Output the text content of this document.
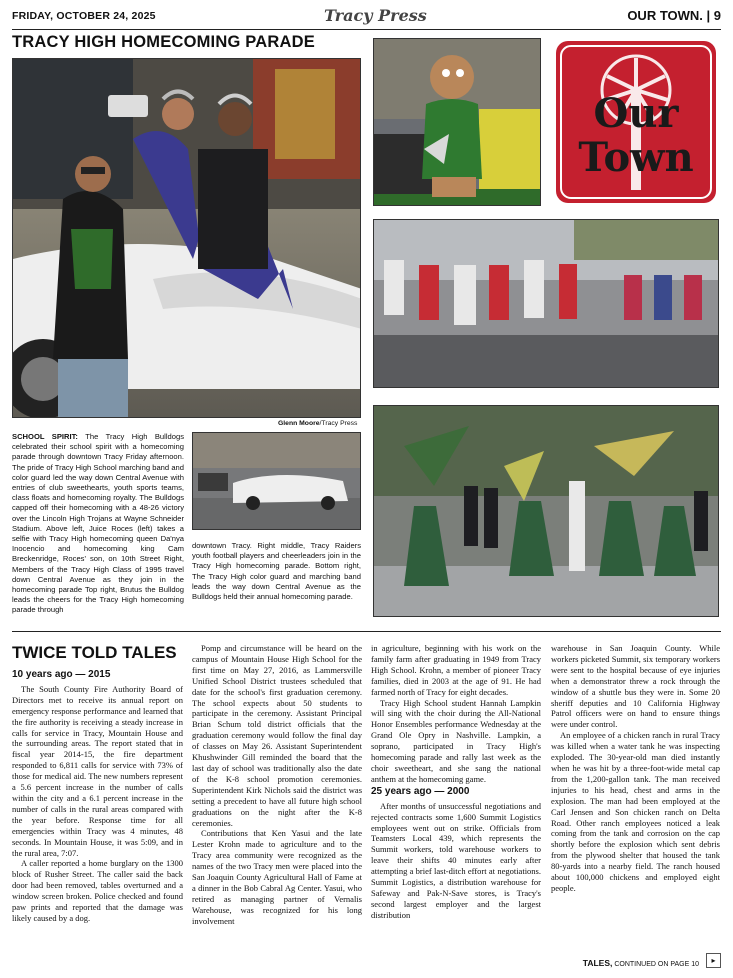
FRIDAY, OCTOBER 24, 2025	Tracy Press	OUR TOWN. | 9
TRACY HIGH HOMECOMING PARADE
Our
Town
Glenn Moore/Tracy Press
SCHOOL SPIRIT: The Tracy High Bulldogs celebrated their school spirit with a homecoming parade through downtown Tracy Friday afternoon. The pride of Tracy High School marching band and color guard led the way down Central Avenue with entries of club sweethearts, youth sports teams, class floats and homecoming royalty. The Bulldogs capped off their homecoming with a 48-26 victory over the Lincoln High Trojans at Wayne Schneider Stadium. Above left, Juice Roces (left) takes a selfie with Tracy High homecoming queen Da'nya Inocencio and homecoming king Cam Breckenridge, Roces' son, on 10th Street Right, Members of the Tracy High Class of 1995 travel down Central Avenue as they join in the homecoming parade Top right, Brutus the Bulldog leads the cheers for the Tracy High homecoming parade through
downtown Tracy. Right middle, Tracy Raiders youth football players and cheerleaders join in the Tracy High homecoming parade. Bottom right, The Tracy High color guard and marching band leads the way down Central Avenue as the Bulldogs held their annual homecoming parade.
TWICE TOLD TALES

10 years ago — 2015

The South County Fire Authority Board of Directors met to receive its annual report on emergency response performance and learned that the fire authority is receiving a steady increase in calls for service in Tracy, Mountain House and the surrounding areas. The report stated that in fiscal year 2014-15, the fire department responded to 6,811 calls for service with 73% of those for medical aid. The new numbers represent a 5.6 percent increase in the number of calls within the city and a 6.1 percent increase in the number of calls in the rural areas compared with the year before. Response time for all emergencies within Tracy was 4 minutes, 48 seconds. In Mountain House, it was 5:09, and in the rural area, 7:07.

A caller reported a home burglary on the 1300 block of Rusher Street. The caller said the back door had been removed, tables overturned and a window screen broken. Police checked and found paw prints and reported that the damage was likely caused by a dog.

Pomp and circumstance will be heard on the campus of Mountain House High School for the first time on May 27, 2016, as Lammersville Unified School District trustees scheduled that date for the school's first graduation ceremony. The school expects about 50 students to participate in the ceremony. Assistant Principal Brian Schum told district officials that the graduation ceremony would follow the final day of classes on May 26. Assistant Superintendent Khushwinder Gill reminded the board that the last day of school was traditionally also the date of the K-8 school promotion ceremonies. Superintendent Kirk Nichols said the district was setting a precedent to have all future high school graduations on the night after the K-8 ceremonies.

Contributions that Ken Yasui and the late Lester Krohn made to agriculture and to the Tracy area community were recognized as the names of the two Tracy men were placed into the San Joaquin County Agricultural Hall of Fame at a dinner in the Bob Cabral Ag Center. Yasui, who retired as managing partner of Vernalis Warehouse, was recognized for his long involvement

in agriculture, beginning with his work on the family farm after graduating in 1949 from Tracy High School. Krohn, a member of pioneer Tracy families, died in 2003 at the age of 91. He had farmed north of Tracy for eight decades.

Tracy High School student Hannah Lampkin will sing with the choir during the All-National Honor Ensembles performance Wednesday at the Grand Ole Opry in Nashville. Lampkin, a soprano, participated in Tracy High's homecoming parade and rally last week as the choir sweetheart, and she sang the national anthem at the homecoming game.

25 years ago — 2000

After months of unsuccessful negotiations and rejected contracts some 1,600 Summit Logistics employees went out on strike. Officials from Teamsters Local 439, which represents the Summit workers, told warehouse workers to leave their shifts 40 minutes early after attempting a brief last-ditch effort at negotiations. Summit Logistics, a distribution warehouse for Safeway and Pak-N-Save stores, is Tracy's second largest employer and the largest distribution

warehouse in San Joaquin County. While workers picketed Summit, six temporary workers were sent to the hospital because of eye injuries when a demonstrator threw a rock through the window of a shuttle bus they were in. Some 20 sheriff deputies and 10 California Highway Patrol officers were on hand to ensure things were under control.

An employee of a chicken ranch in rural Tracy was killed when a water tank he was inspecting exploded. The 30-year-old man died instantly when he was hit by a three-foot-wide metal cap from the 1,200-gallon tank. The man received injuries to his head, chest and arms in the explosion. The man had been employed at the Carl Jensen and Son chicken ranch on Delta Road. Other ranch employees noticed a leak coming from the tank and corrosion on the cap shortly before the explosion which sent debris from the plywood shelter that housed the tank 80-yards into a nearby field. The ranch housed about 100,000 chickens and employed eight people.

TALES, CONTINUED ON PAGE 10	▸
